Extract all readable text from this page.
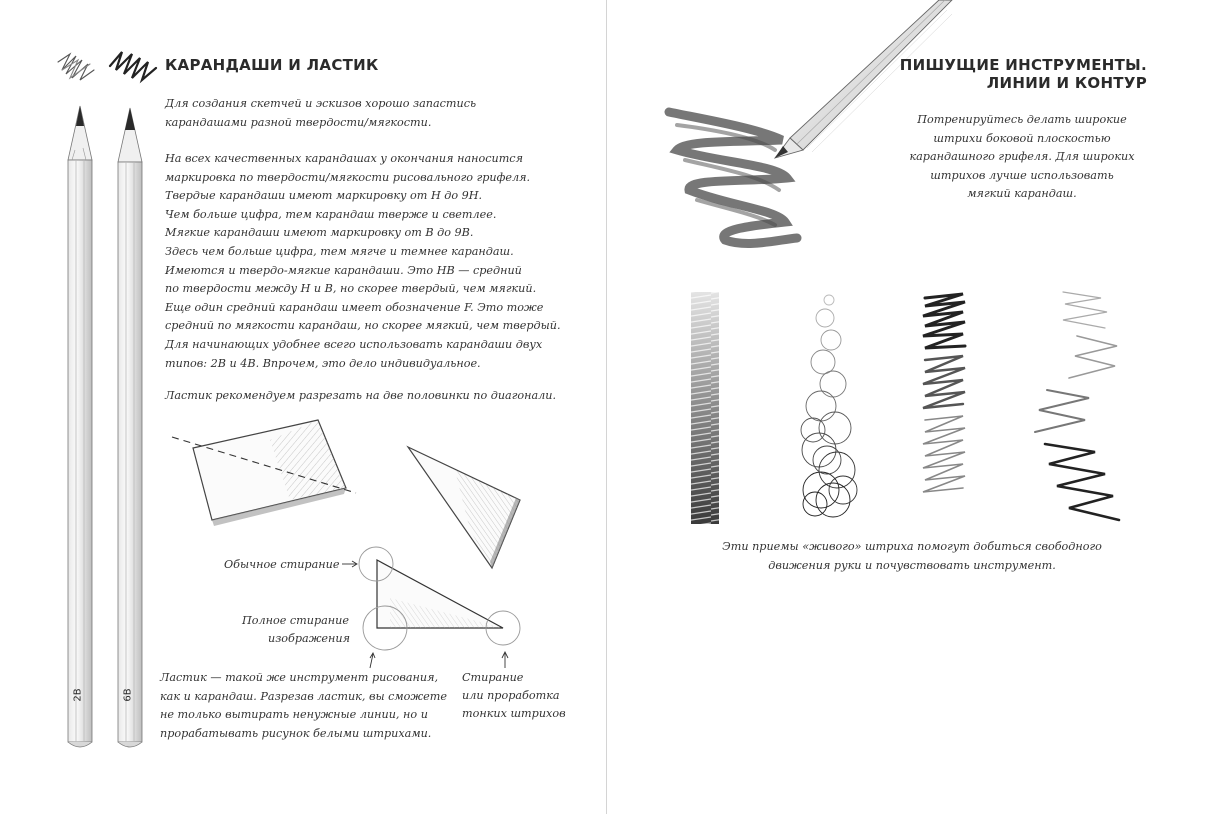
КАРАНДАШИ И ЛАСТИК
2B	6B
Для создания скетчей и эскизов хорошо запастись
карандашами разной твердости/мягкости.
На всех качественных карандашах у окончания наносится
маркировка по твердости/мягкости рисовального грифеля.
Твердые карандаши имеют маркировку от H до 9H.
Чем больше цифра, тем карандаш тверже и светлее.
Мягкие карандаши имеют маркировку от B до 9B.
Здесь чем больше цифра, тем мягче и темнее карандаш.
Имеются и твердо-мягкие карандаши. Это HB — средний
по твердости между H и B, но скорее твердый, чем мягкий.
Еще один средний карандаш имеет обозначение F. Это тоже
средний по мягкости карандаш, но скорее мягкий, чем твердый.
Для начинающих удобнее всего использовать карандаши двух
типов: 2B и 4B. Впрочем, это дело индивидуальное.
Ластик рекомендуем разрезать на две половинки по диагонали.
Обычное стирание
Полное стирание
изображения
Стирание
или проработка
тонких штрихов
Ластик — такой же инструмент рисования,
как и карандаш. Разрезав ластик, вы сможете
не только вытирать ненужные линии, но и
прорабатывать рисунок белыми штрихами.
ПИШУЩИЕ ИНСТРУМЕНТЫ.
ЛИНИИ И КОНТУР
Потренируйтесь делать широкие
штрихи боковой плоскостью
карандашного грифеля. Для широких
штрихов лучше использовать
мягкий карандаш.
Эти приемы «живого» штриха помогут добиться свободного
движения руки и почувствовать инструмент.
